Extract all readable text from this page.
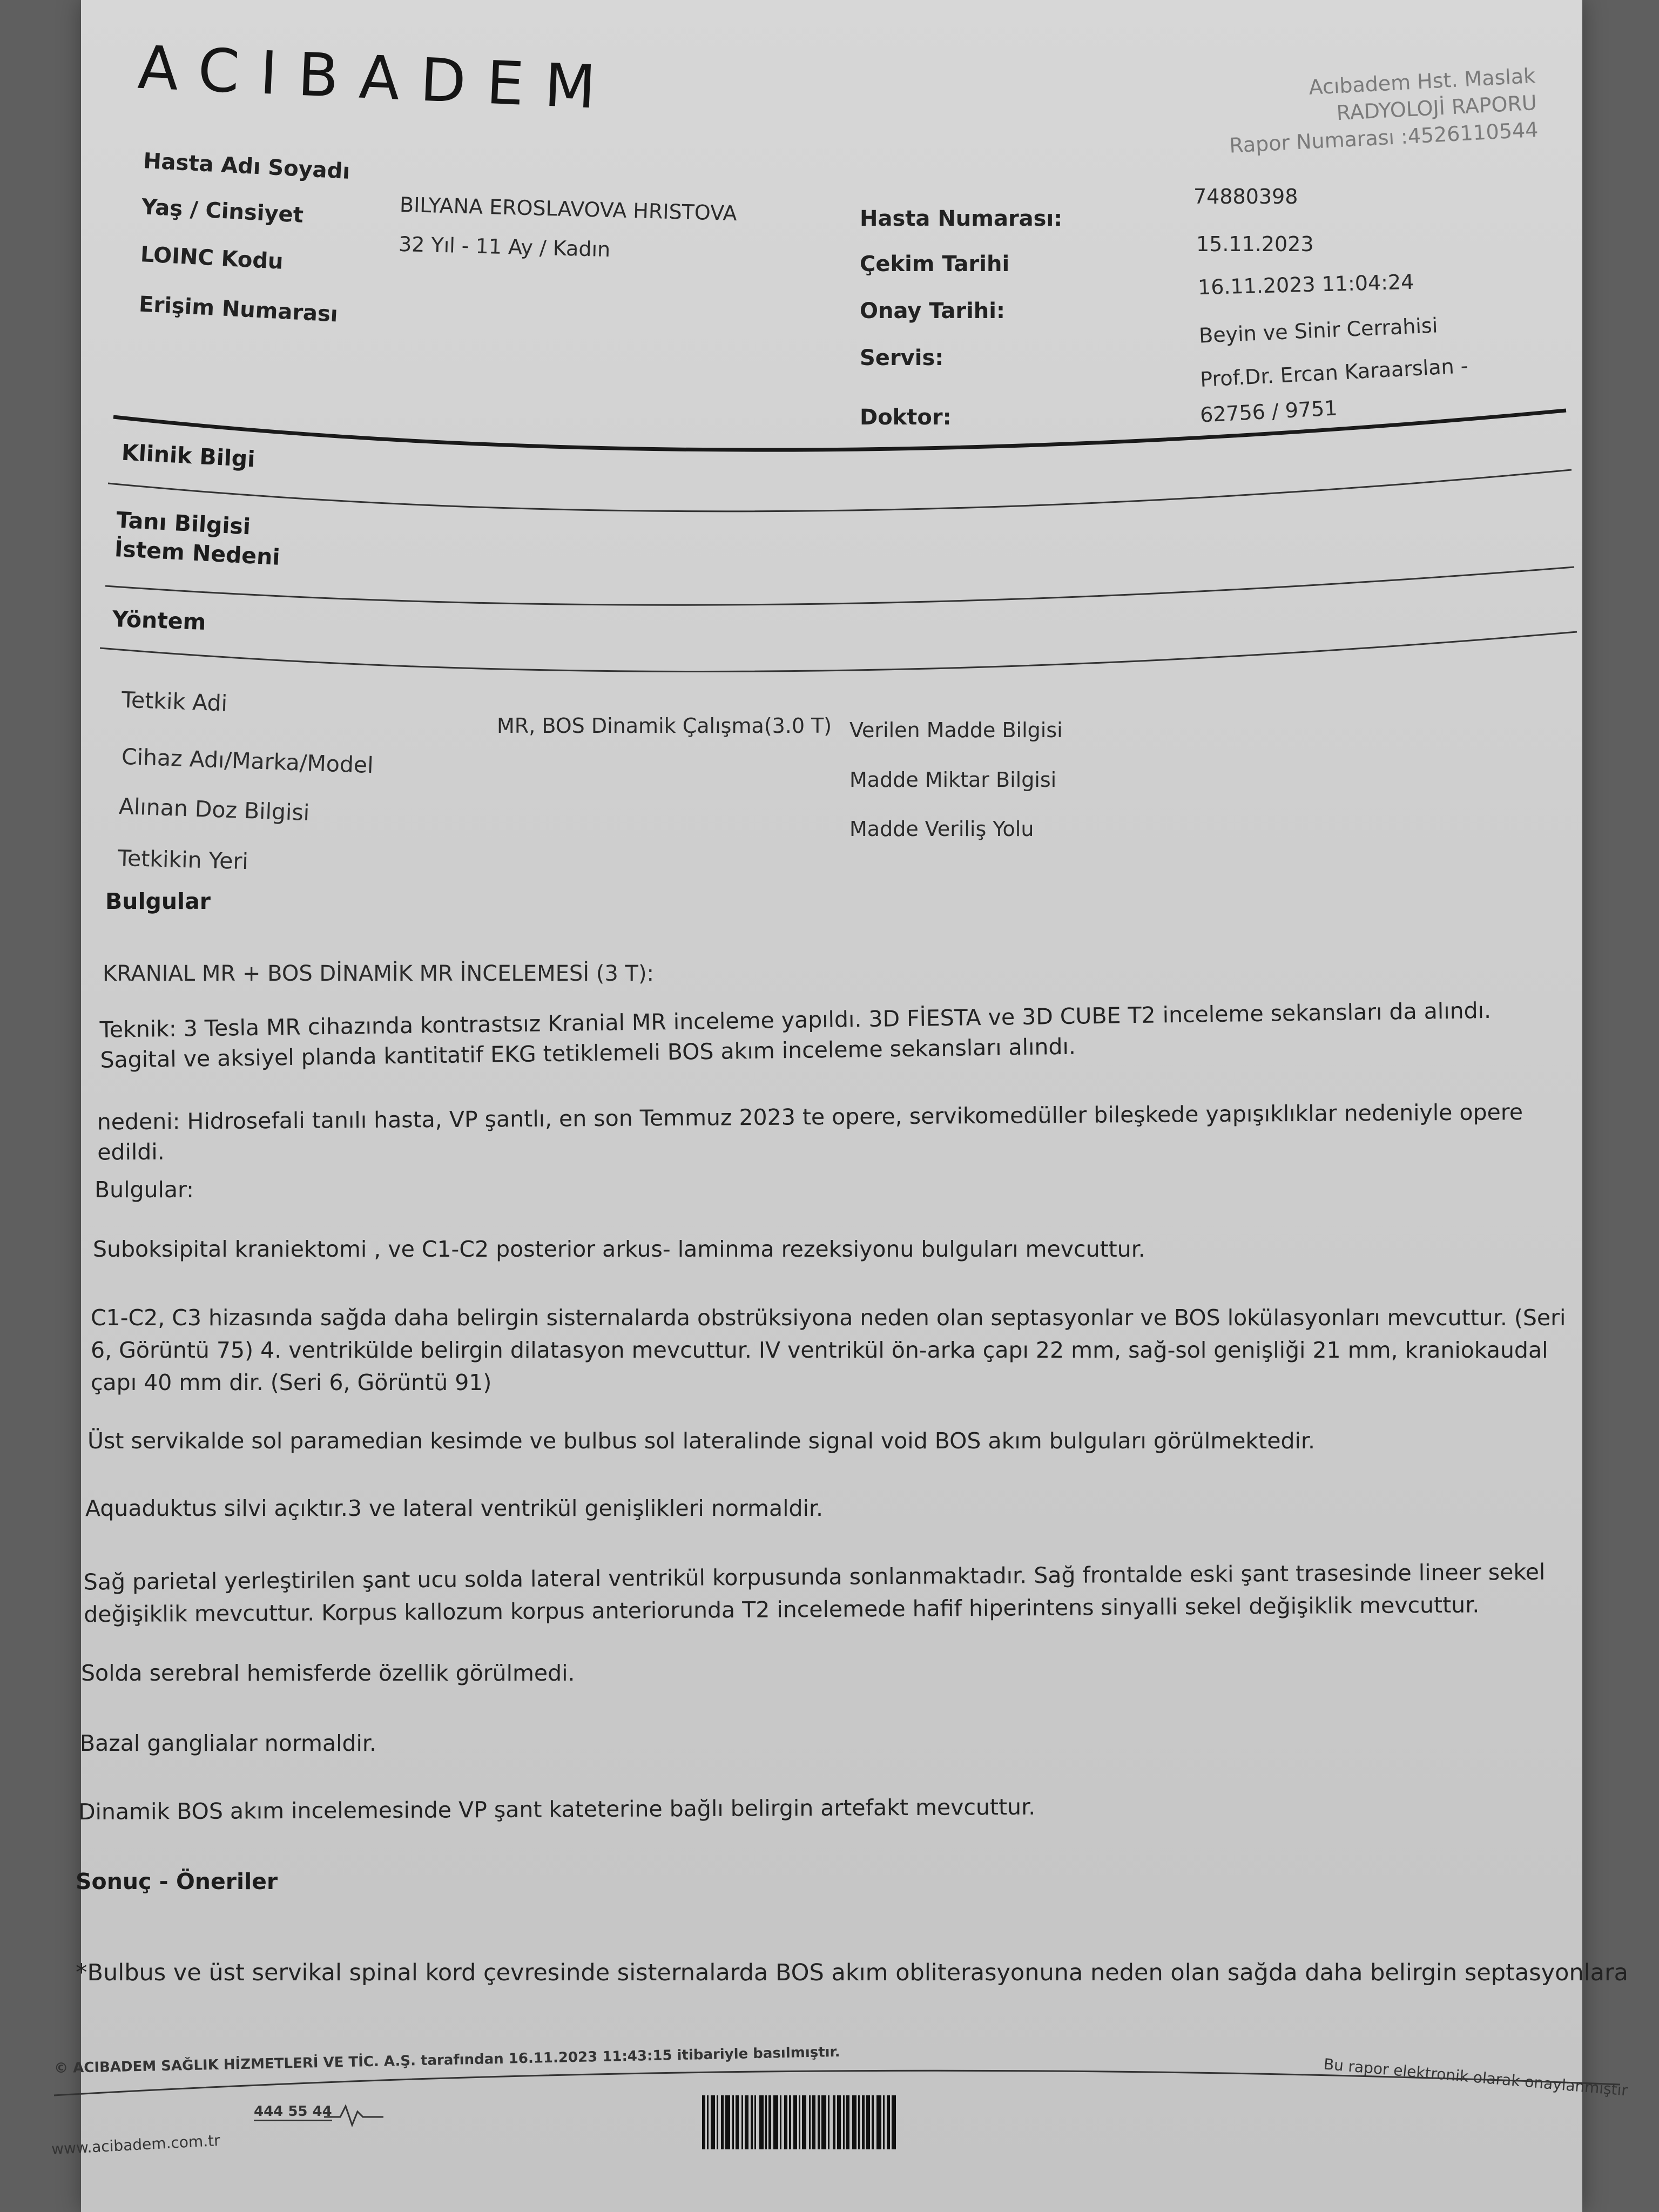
ACIBADEM	Acıbadem Hst. Maslak
RADYOLOJİ RAPORU
Rapor Numarası :4526110544
Hasta Adı Soyadı
Yaş / Cinsiyet
LOINC Kodu
Erişim Numarası
BILYANA EROSLAVOVA HRISTOVA
32 Yıl - 11 Ay / Kadın
Hasta Numarası:
Çekim Tarihi
Onay Tarihi:
Servis:
Doktor:
74880398
15.11.2023
16.11.2023 11:04:24
Beyin ve Sinir Cerrahisi
Prof.Dr. Ercan Karaarslan -
62756 / 9751
Klinik Bilgi
Tanı Bilgisi
İstem Nedeni
Yöntem
Tetkik Adi
Cihaz Adı/Marka/Model
Alınan Doz Bilgisi
Tetkikin Yeri
MR, BOS Dinamik Çalışma(3.0 T) Verilen Madde Bilgisi
Madde Miktar Bilgisi
Madde Veriliş Yolu
Bulgular
KRANIAL MR + BOS DİNAMİK MR İNCELEMESİ (3 T):
Teknik: 3 Tesla MR cihazında kontrastsız Kranial MR inceleme yapıldı. 3D FİESTA ve 3D CUBE T2 inceleme sekansları da alındı. Sagital ve aksiyel planda kantitatif EKG tetiklemeli BOS akım inceleme sekansları alındı.
nedeni: Hidrosefali tanılı hasta, VP şantlı, en son Temmuz 2023 te opere, servikomedüller bileşkede yapışıklıklar nedeniyle opere edildi.
Bulgular:
Suboksipital kraniektomi , ve C1-C2 posterior arkus- laminma rezeksiyonu bulguları mevcuttur.
C1-C2, C3 hizasında sağda daha belirgin sisternalarda obstrüksiyona neden olan septasyonlar ve BOS lokülasyonları mevcuttur. (Seri 6, Görüntü 75) 4. ventrikülde belirgin dilatasyon mevcuttur. IV ventrikül ön-arka çapı 22 mm, sağ-sol genişliği 21 mm, kraniokaudal çapı 40 mm dir. (Seri 6, Görüntü 91)
Üst servikalde sol paramedian kesimde ve bulbus sol lateralinde signal void BOS akım bulguları görülmektedir.
Aquaduktus silvi açıktır.3 ve lateral ventrikül genişlikleri normaldir.
Sağ parietal yerleştirilen şant ucu solda lateral ventrikül korpusunda sonlanmaktadır. Sağ frontalde eski şant trasesinde lineer sekel değişiklik mevcuttur. Korpus kallozum korpus anteriorunda T2 incelemede hafif hiperintens sinyalli sekel değişiklik mevcuttur.
Solda serebral hemisferde özellik görülmedi.
Bazal ganglialar normaldir.
Dinamik BOS akım incelemesinde VP şant kateterine bağlı belirgin artefakt mevcuttur.
Sonuç - Öneriler
*Bulbus ve üst servikal spinal kord çevresinde sisternalarda BOS akım obliterasyonuna neden olan sağda daha belirgin septasyonlara
© ACIBADEM SAĞLIK HİZMETLERİ VE TİC. A.Ş. tarafından 16.11.2023 11:43:15 itibariyle basılmıştır.
www.acibadem.com.tr
444 55 44
Bu rapor elektronik olarak onaylanmıştır
